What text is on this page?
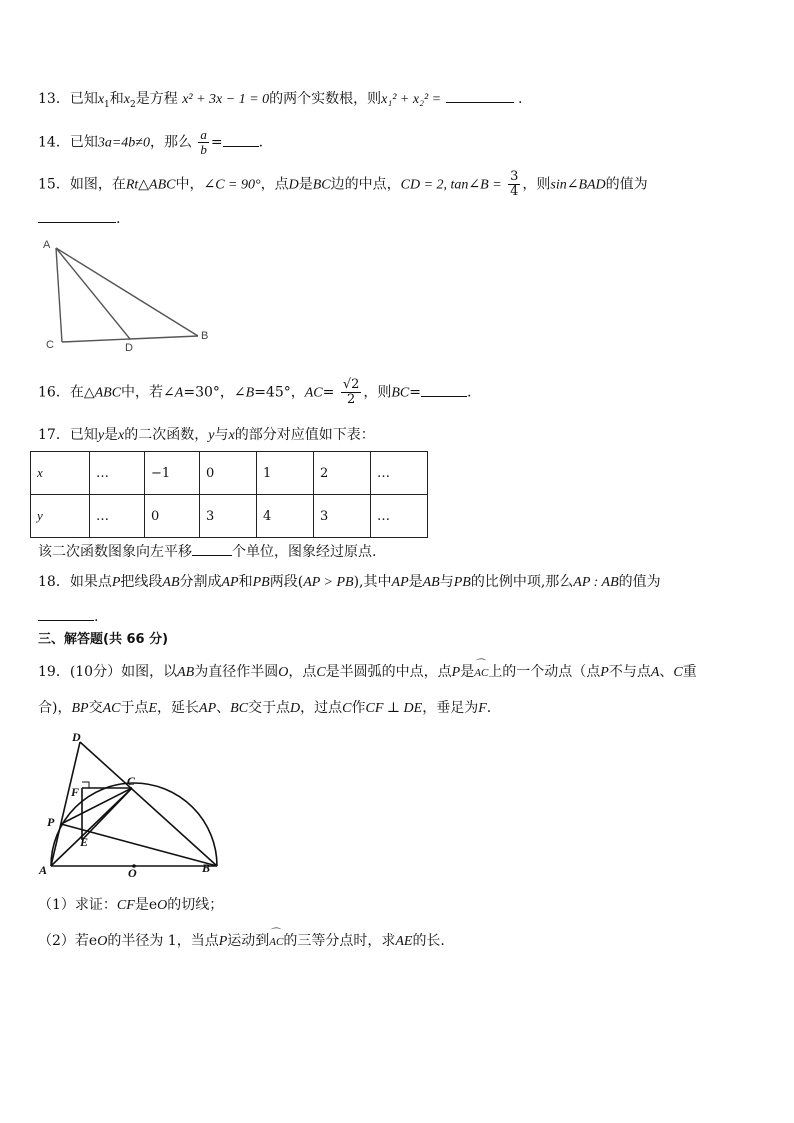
13．已知$x_1$和$x_2$是方程 x² + 3x − 1 = 0的两个实数根，则x₁² + x₂² =	.
14．已知3a=4b≠0，那么 $\frac{a}{b}$ =	.
15．如图，在Rt△ABC中，∠C = 90°，点D是BC边的中点，CD = 2, tan∠B = $\frac{3}{4}$ ，则sin∠BAD的值为
.
A
C	D
B
16．在△ABC中，若∠A=30°，∠B=45°，$AC= \frac{√2}{2}$ ，则BC=	.
17．已知y是x的二次函数，y与x的部分对应值如下表：
x	…	−1	0	1	2	…
y	…	0	3	4	3	…
该二次函数图象向左平移	个单位，图象经过原点.
18．如果点P把线段AB分割成AP和PB两段(AP > PB),其中AP是AB与PB的比例中项,那么AP : AB的值为
.
三、解答题(共 66 分)
19．(10分）如图，以AB为直径作半圆O，点C是半圆弧的中点，点P是⌒ AC上的一个动点（点P不与点A、C重
合)，BP交AC于点E，延长AP、BC交于点D，过点C作CF ⊥ DE，垂足为F.
D
C
F
P
E
A	O	B
（1）求证：CF是eO的切线；
（2）若eO的半径为 1，当点P运动到⌒ AC的三等分点时，求AE的长.
